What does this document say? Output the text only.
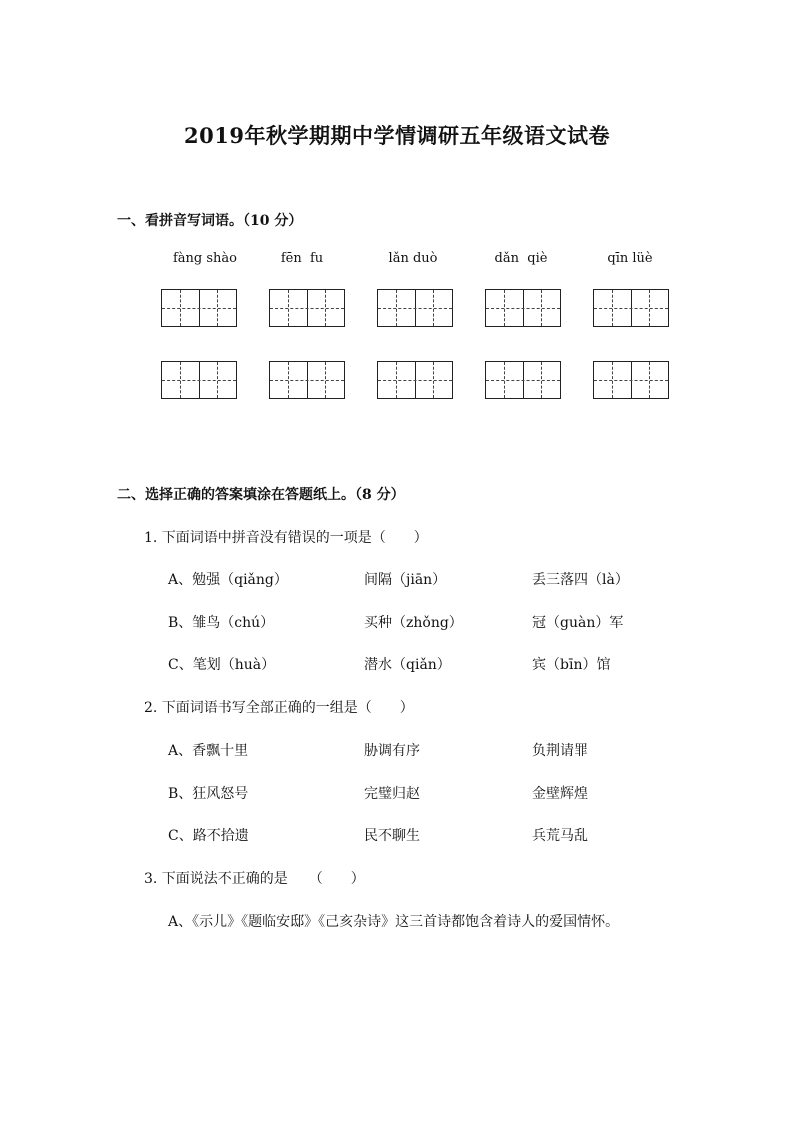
2019年秋学期期中学情调研五年级语文试卷
一、看拼音写词语。（10 分）
fàng shào	fēn  fu	lǎn duò	dǎn  qiè	qīn lüè
二、选择正确的答案填涂在答题纸上。（8 分）
1. 下面词语中拼音没有错误的一项是（　　）
A、勉强（qiǎng）	间隔（jiān）	丢三落四（là）
B、雏鸟（chú）	买种（zhǒng）	冠（guàn）军
C、笔划（huà）	潜水（qiǎn）	宾（bīn）馆
2. 下面词语书写全部正确的一组是（　　）
A、香飘十里	胁调有序	负荆请罪
B、狂风怒号	完璧归赵	金壁辉煌
C、路不拾遗	民不聊生	兵荒马乱
3. 下面说法不正确的是　　（　　）
A、《示儿》《题临安邸》《己亥杂诗》这三首诗都饱含着诗人的爱国情怀。
